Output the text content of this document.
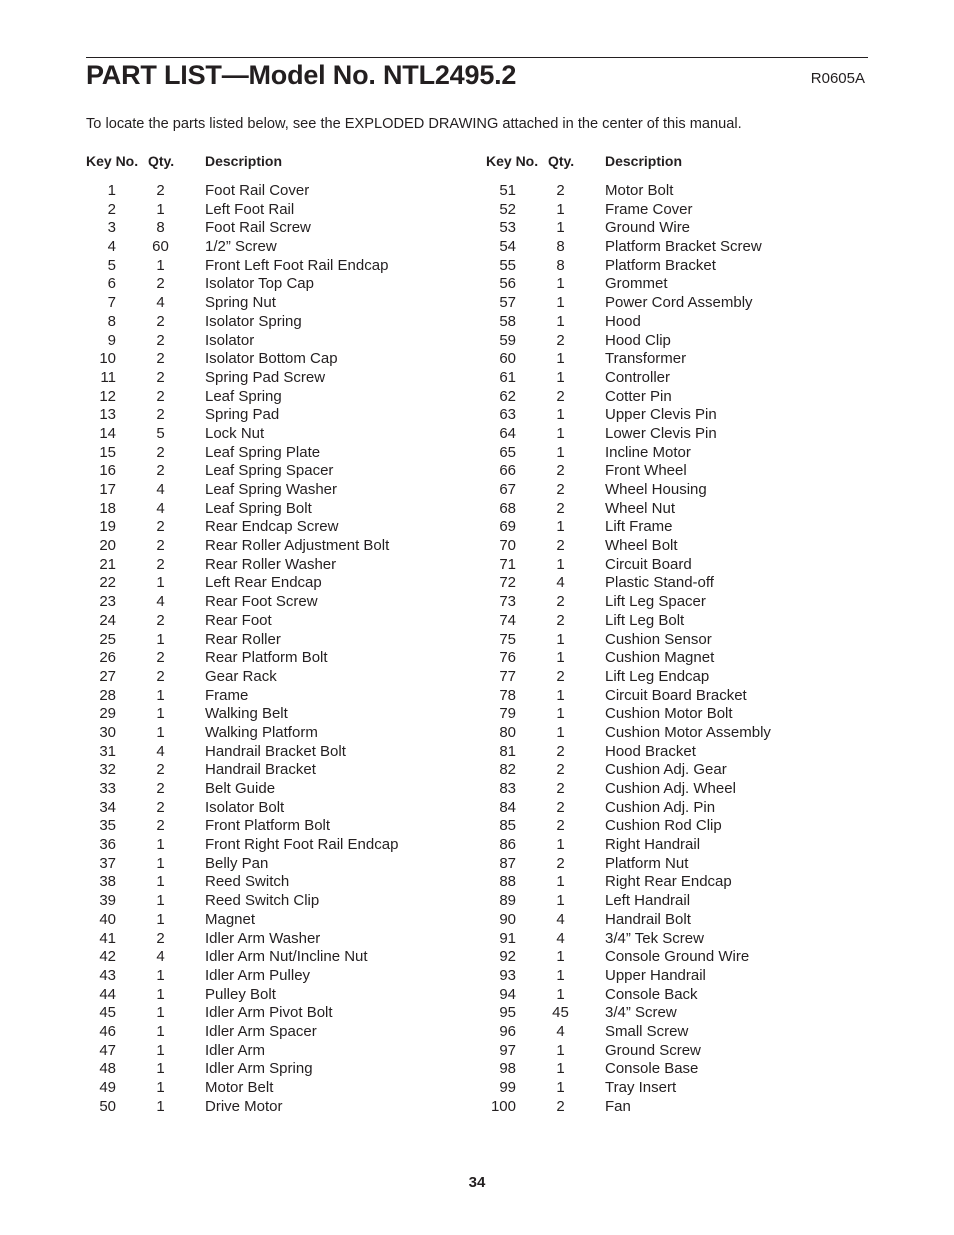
PART LIST—Model No. NTL2495.2	R0605A
To locate the parts listed below, see the EXPLODED DRAWING attached in the center of this manual.
Key No. Qty. Description
1	2	Foot Rail Cover
2	1	Left Foot Rail
3	8	Foot Rail Screw
4 60 1/2” Screw
5	1	Front Left Foot Rail Endcap
6	2	Isolator Top Cap
7	4	Spring Nut
8	2	Isolator Spring
9	2	Isolator
10	2	Isolator Bottom Cap
11	2	Spring Pad Screw
12	2	Leaf Spring
13	2	Spring Pad
14	5	Lock Nut
15	2	Leaf Spring Plate
16	2	Leaf Spring Spacer
17	4	Leaf Spring Washer
18	4	Leaf Spring Bolt
19	2	Rear Endcap Screw
20	2	Rear Roller Adjustment Bolt
21	2	Rear Roller Washer
22	1	Left Rear Endcap
23	4	Rear Foot Screw
24	2	Rear Foot
25	1	Rear Roller
26	2	Rear Platform Bolt
27	2	Gear Rack
28	1	Frame
29	1	Walking Belt
30	1	Walking Platform
31	4	Handrail Bracket Bolt
32	2	Handrail Bracket
33	2	Belt Guide
34	2	Isolator Bolt
35	2	Front Platform Bolt
36	1	Front Right Foot Rail Endcap
37	1	Belly Pan
38	1	Reed Switch
39	1	Reed Switch Clip
40	1	Magnet
41	2	Idler Arm Washer
42	4	Idler Arm Nut/Incline Nut
43	1	Idler Arm Pulley
44	1	Pulley Bolt
45	1	Idler Arm Pivot Bolt
46	1	Idler Arm Spacer
47	1	Idler Arm
48	1	Idler Arm Spring
49	1	Motor Belt
50	1	Drive Motor
Key No. Qty. Description
51	2	Motor Bolt
52	1	Frame Cover
53	1	Ground Wire
54	8	Platform Bracket Screw
55	8	Platform Bracket
56	1	Grommet
57	1	Power Cord Assembly
58	1	Hood
59	2	Hood Clip
60	1	Transformer
61	1	Controller
62	2	Cotter Pin
63	1	Upper Clevis Pin
64	1	Lower Clevis Pin
65	1	Incline Motor
66	2	Front Wheel
67	2	Wheel Housing
68	2	Wheel Nut
69	1	Lift Frame
70	2	Wheel Bolt
71	1	Circuit Board
72	4	Plastic Stand-off
73	2	Lift Leg Spacer
74	2	Lift Leg Bolt
75	1	Cushion Sensor
76	1	Cushion Magnet
77	2	Lift Leg Endcap
78	1	Circuit Board Bracket
79	1	Cushion Motor Bolt
80	1	Cushion Motor Assembly
81	2	Hood Bracket
82	2	Cushion Adj. Gear
83	2	Cushion Adj. Wheel
84	2	Cushion Adj. Pin
85	2	Cushion Rod Clip
86	1	Right Handrail
87	2	Platform Nut
88	1	Right Rear Endcap
89	1	Left Handrail
90	4	Handrail Bolt
91	4	3/4” Tek Screw
92	1	Console Ground Wire
93	1	Upper Handrail
94	1	Console Back
95 45 3/4” Screw
96	4	Small Screw
97	1	Ground Screw
98	1	Console Base
99	1	Tray Insert
100	2	Fan
34
